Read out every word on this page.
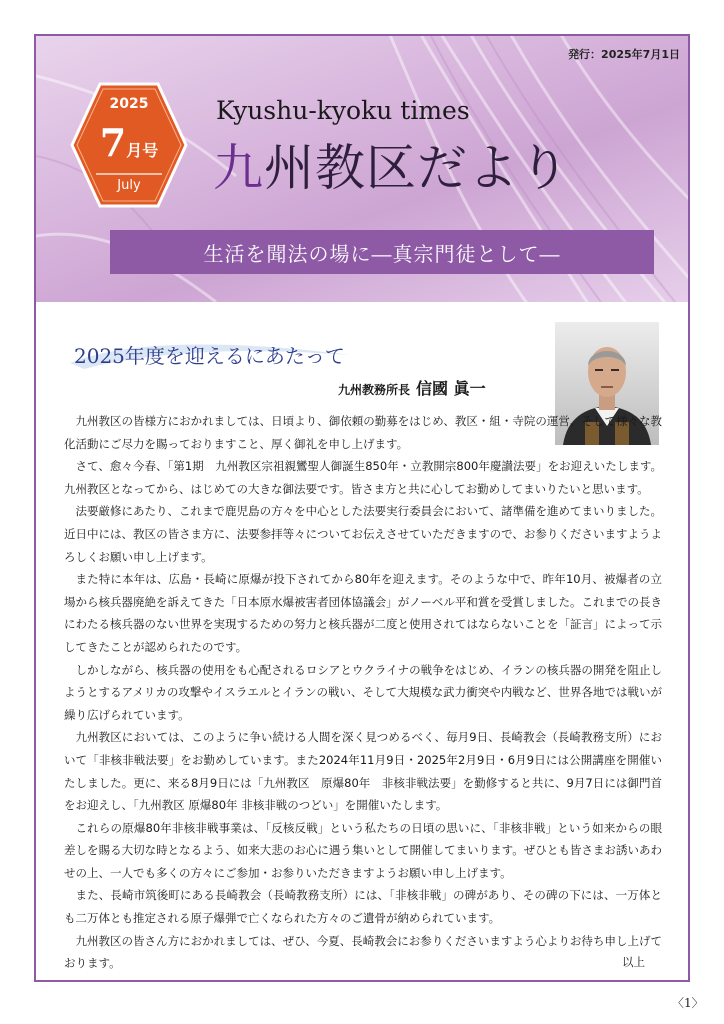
発行：2025年7月1日
2025
7月号
July
Kyushu-kyoku times
九州教区だより
生活を聞法の場に―真宗門徒として―
2025年度を迎えるにあたって
九州教務所長 信國 眞一

九州教区の皆様方におかれましては、日頃より、御依頼の勤募をはじめ、教区・組・寺院の運営、そして様々な教化活動にご尽力を賜っておりますこと、厚く御礼を申し上げます。

さて、愈々今春、「第1期　九州教区宗祖親鸞聖人御誕生850年・立教開宗800年慶讃法要」をお迎えいたします。九州教区となってから、はじめての大きな御法要です。皆さま方と共に心してお勤めしてまいりたいと思います。

法要厳修にあたり、これまで鹿児島の方々を中心とした法要実行委員会において、諸準備を進めてまいりました。近日中には、教区の皆さま方に、法要参拝等々についてお伝えさせていただきますので、お参りくださいますようよろしくお願い申し上げます。

また特に本年は、広島・長崎に原爆が投下されてから80年を迎えます。そのような中で、昨年10月、被爆者の立場から核兵器廃絶を訴えてきた「日本原水爆被害者団体協議会」がノーベル平和賞を受賞しました。これまでの長きにわたる核兵器のない世界を実現するための努力と核兵器が二度と使用されてはならないことを「証言」によって示してきたことが認められたのです。

しかしながら、核兵器の使用をも心配されるロシアとウクライナの戦争をはじめ、イランの核兵器の開発を阻止しようとするアメリカの攻撃やイスラエルとイランの戦い、そして大規模な武力衝突や内戦など、世界各地では戦いが繰り広げられています。

九州教区においては、このように争い続ける人間を深く見つめるべく、毎月9日、長崎教会（長崎教務支所）において「非核非戦法要」をお勤めしています。また2024年11月9日・2025年2月9日・6月9日には公開講座を開催いたしました。更に、来る8月9日には「九州教区　原爆80年　非核非戦法要」を勤修すると共に、9月7日には御門首をお迎えし、「九州教区 原爆80年 非核非戦のつどい」を開催いたします。

これらの原爆80年非核非戦事業は、「反核反戦」という私たちの日頃の思いに、「非核非戦」という如来からの眼差しを賜る大切な時となるよう、如来大悲のお心に遇う集いとして開催してまいります。ぜひとも皆さまお誘いあわせの上、一人でも多くの方々にご参加・お参りいただきますようお願い申し上げます。

また、長崎市筑後町にある長崎教会（長崎教務支所）には、「非核非戦」の碑があり、その碑の下には、一万体とも二万体とも推定される原子爆弾で亡くなられた方々のご遺骨が納められています。

九州教区の皆さん方におかれましては、ぜひ、今夏、長崎教会にお参りくださいますよう心よりお待ち申し上げております。	以上
〈1〉
